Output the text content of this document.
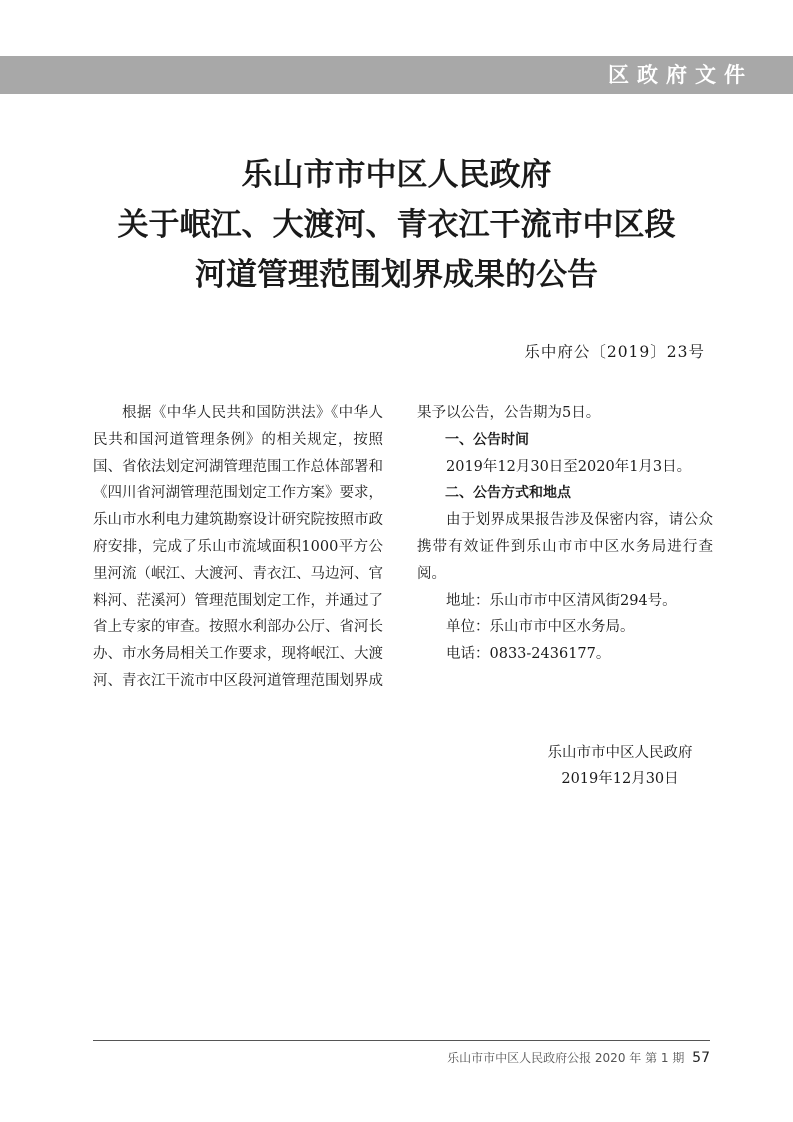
区政府文件
乐山市市中区人民政府
关于岷江、大渡河、青衣江干流市中区段
河道管理范围划界成果的公告
乐中府公〔2019〕23号

根据《中华人民共和国防洪法》《中华人民共和国河道管理条例》的相关规定，按照国、省依法划定河湖管理范围工作总体部署和《四川省河湖管理范围划定工作方案》要求，乐山市水利电力建筑勘察设计研究院按照市政府安排，完成了乐山市流域面积1000平方公里河流（岷江、大渡河、青衣江、马边河、官料河、茫溪河）管理范围划定工作，并通过了省上专家的审查。按照水利部办公厅、省河长办、市水务局相关工作要求，现将岷江、大渡河、青衣江干流市中区段河道管理范围划界成

果予以公告，公告期为5日。

一、公告时间

2019年12月30日至2020年1月3日。

二、公告方式和地点

由于划界成果报告涉及保密内容，请公众携带有效证件到乐山市市中区水务局进行查阅。

地址：乐山市市中区清风街294号。

单位：乐山市市中区水务局。

电话：0833-2436177。

乐山市市中区人民政府
2019年12月30日
乐山市市中区人民政府公报 2020 年 第 1 期 57
